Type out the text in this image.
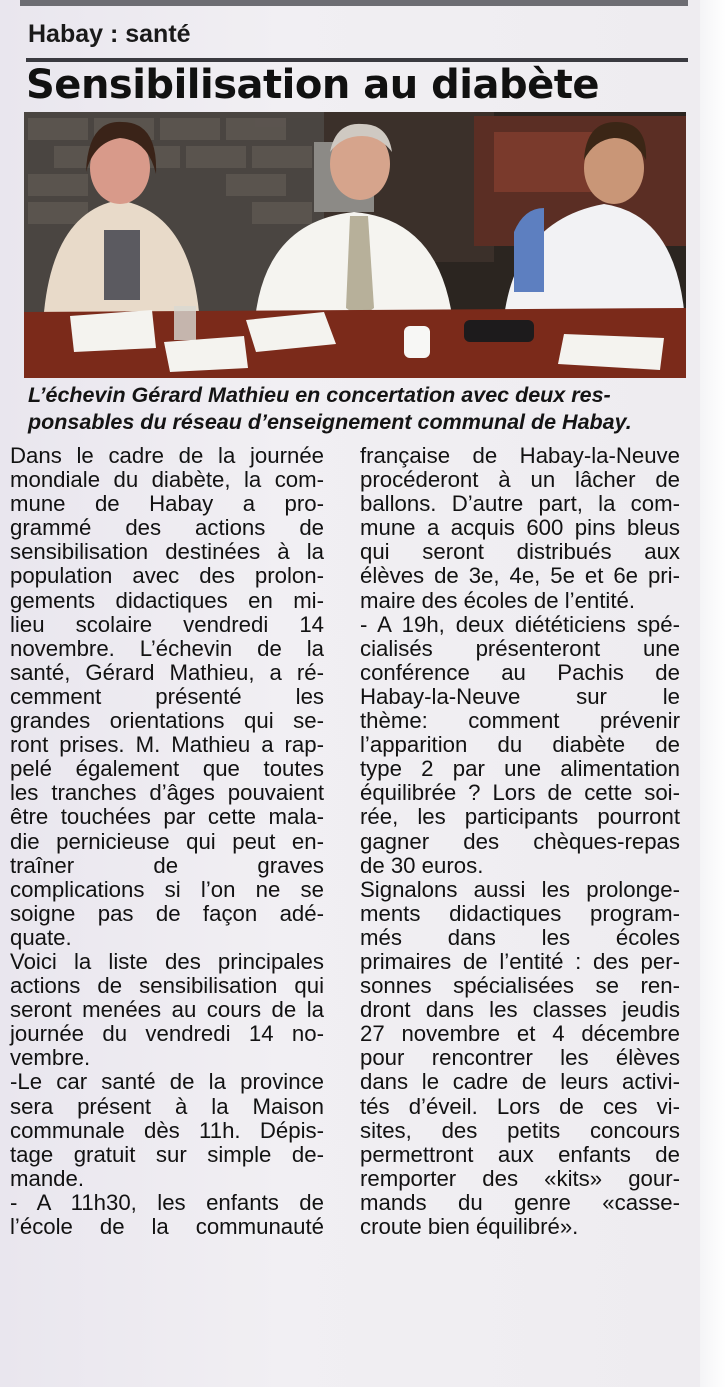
Habay : santé
Sensibilisation au diabète
L’échevin Gérard Mathieu en concertation avec deux res-
ponsables du réseau d’enseignement communal de Habay.
Dans le cadre de la journée
mondiale du diabète, la com-
mune de Habay a pro-
grammé des actions de
sensibilisation destinées à la
population avec des prolon-
gements didactiques en mi-
lieu scolaire vendredi 14
novembre. L’échevin de la
santé, Gérard Mathieu, a ré-
cemment présenté les
grandes orientations qui se-
ront prises. M. Mathieu a rap-
pelé également que toutes
les tranches d’âges pouvaient
être touchées par cette mala-
die pernicieuse qui peut en-
traîner de graves
complications si l’on ne se
soigne pas de façon adé-
quate.
Voici la liste des principales
actions de sensibilisation qui
seront menées au cours de la
journée du vendredi 14 no-
vembre.
-Le car santé de la province
sera présent à la Maison
communale dès 11h. Dépis-
tage gratuit sur simple de-
mande.
- A 11h30, les enfants de
l’école de la communauté
française de Habay-la-Neuve
procéderont à un lâcher de
ballons. D’autre part, la com-
mune a acquis 600 pins bleus
qui seront distribués aux
élèves de 3e, 4e, 5e et 6e pri-
maire des écoles de l’entité.
- A 19h, deux diététiciens spé-
cialisés présenteront une
conférence au Pachis de
Habay-la-Neuve sur le
thème: comment prévenir
l’apparition du diabète de
type 2 par une alimentation
équilibrée ? Lors de cette soi-
rée, les participants pourront
gagner des chèques-repas
de 30 euros.
Signalons aussi les prolonge-
ments didactiques program-
més dans les écoles
primaires de l’entité : des per-
sonnes spécialisées se ren-
dront dans les classes jeudis
27 novembre et 4 décembre
pour rencontrer les élèves
dans le cadre de leurs activi-
tés d’éveil. Lors de ces vi-
sites, des petits concours
permettront aux enfants de
remporter des «kits» gour-
mands du genre «casse-
croute bien équilibré».
